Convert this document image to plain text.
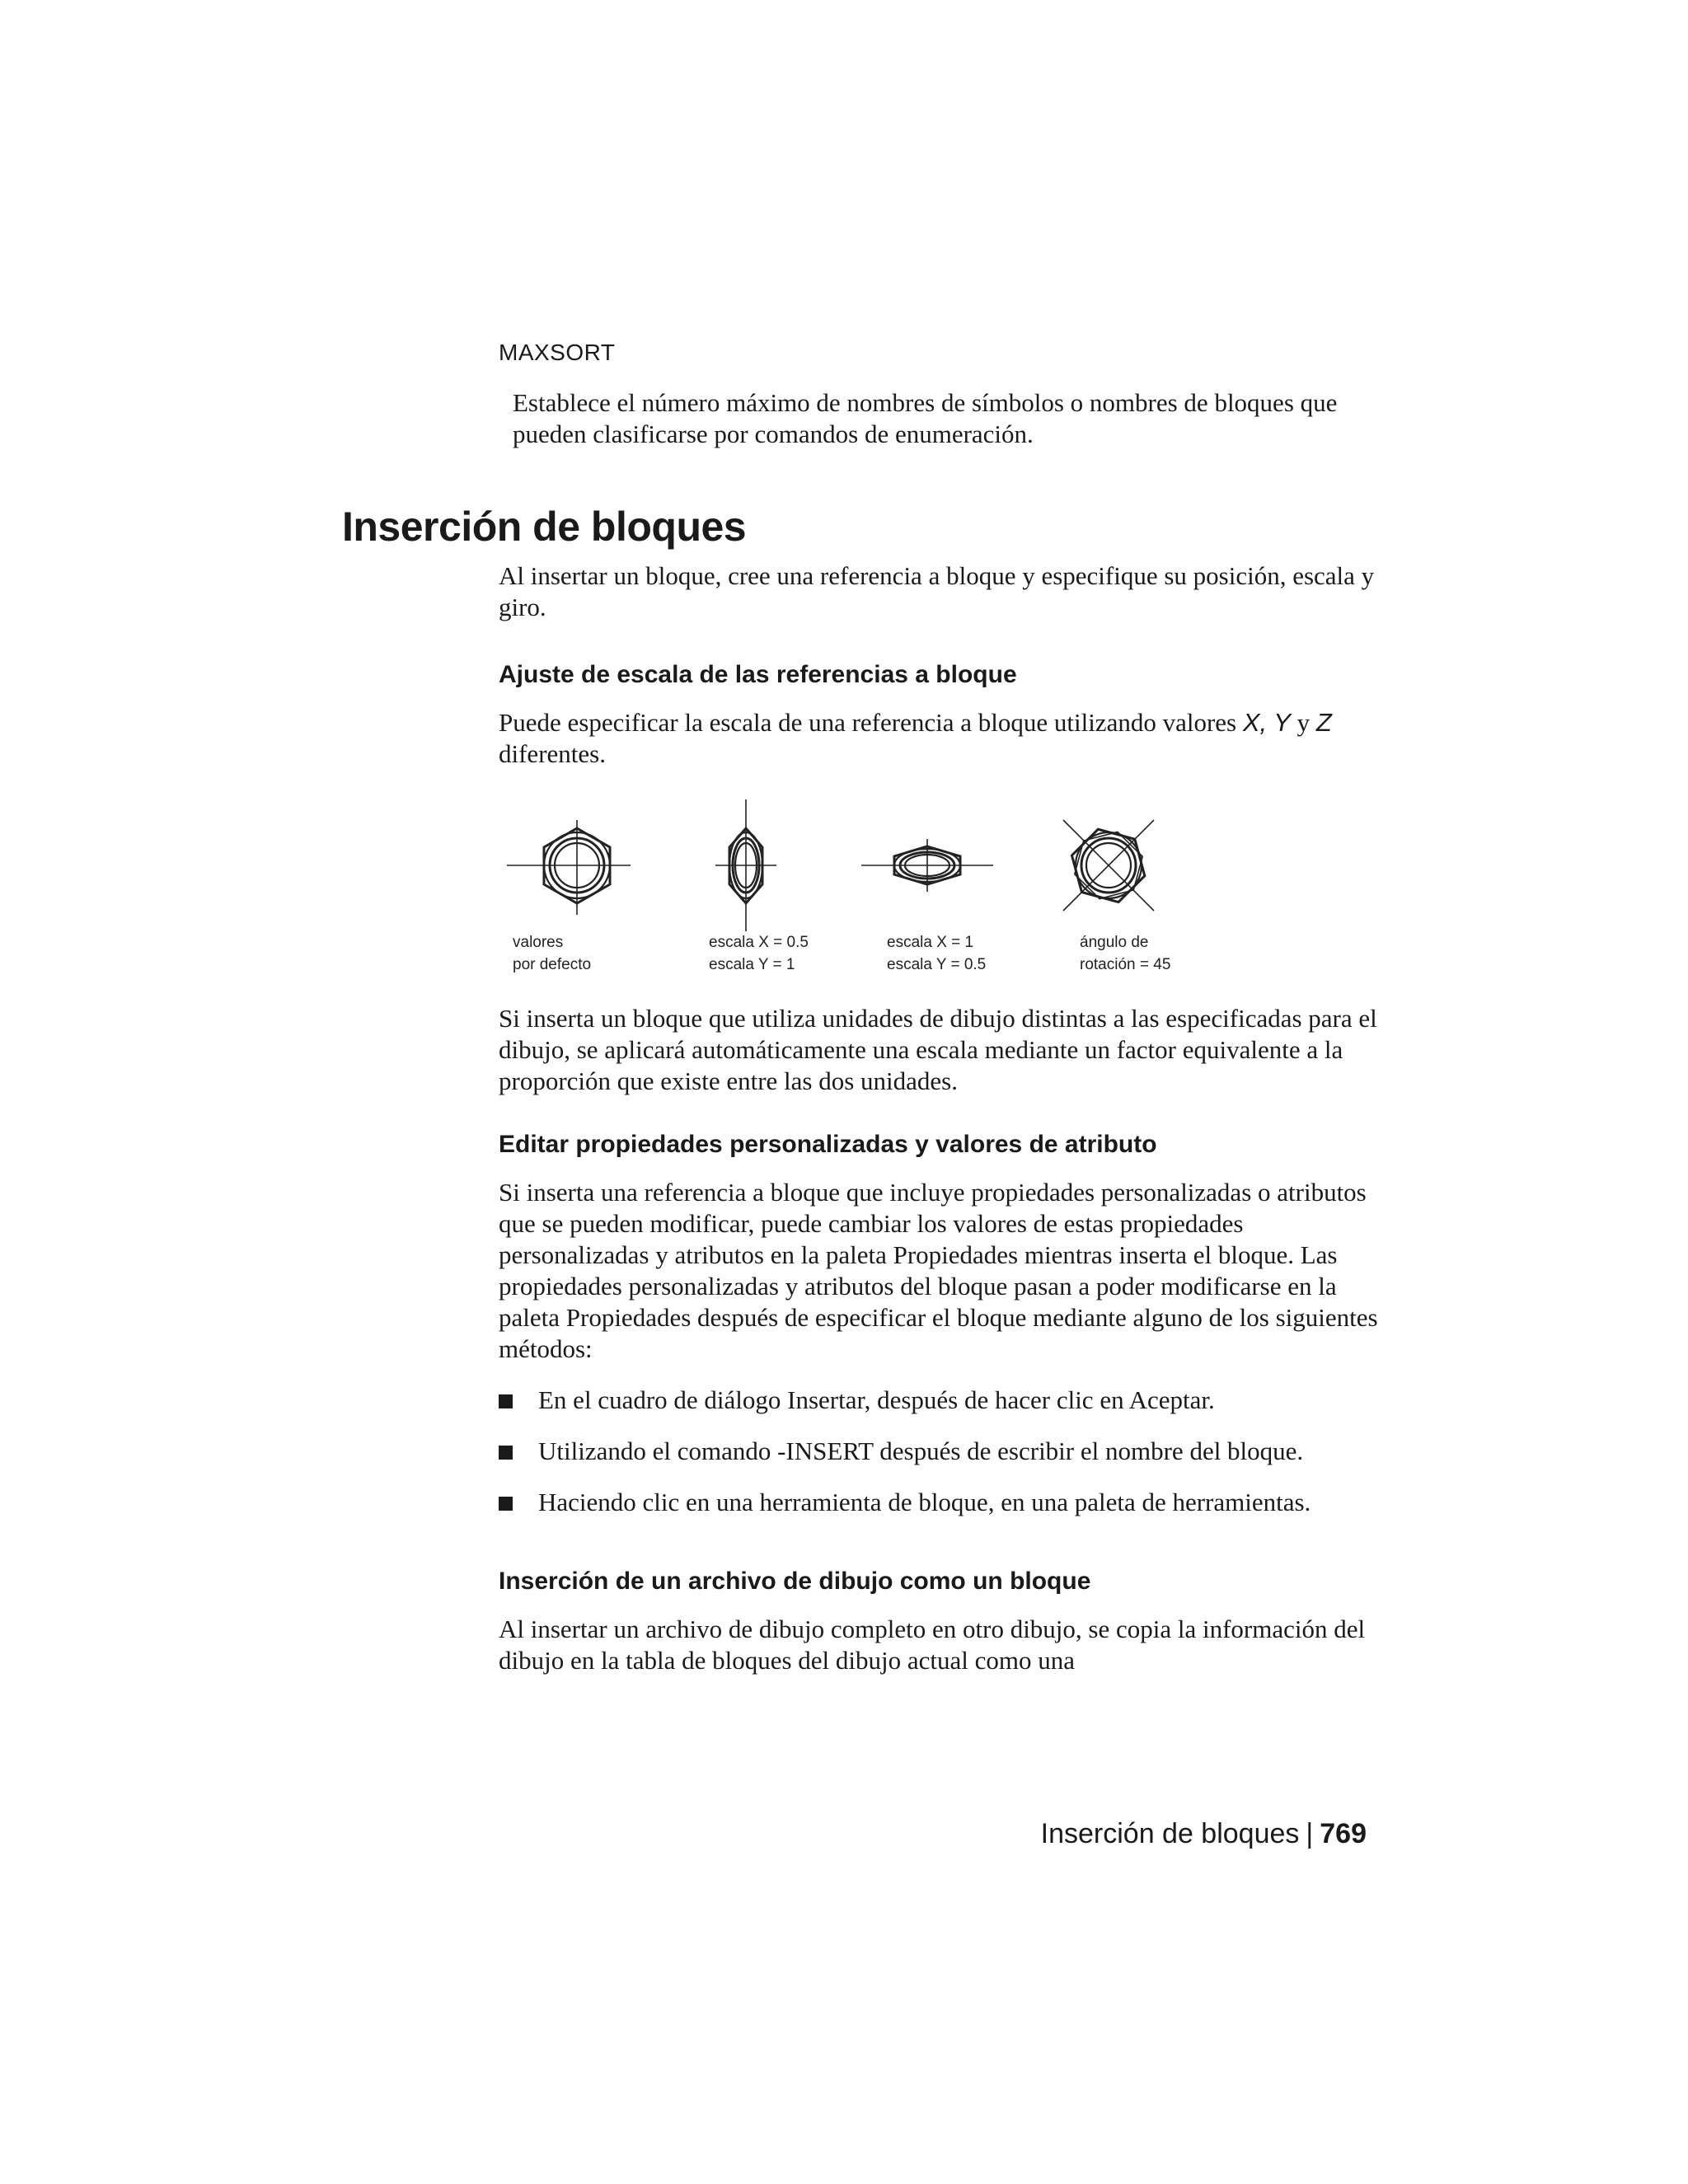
MAXSORT

Establece el número máximo de nombres de símbolos o nombres de bloques que pueden clasificarse por comandos de enumeración.

Inserción de bloques

Al insertar un bloque, cree una referencia a bloque y especifique su posición, escala y giro.

Ajuste de escala de las referencias a bloque

Puede especificar la escala de una referencia a bloque utilizando valores X, Y y Z diferentes.

valores
por defecto
escala X = 0.5
escala Y = 1
escala X = 1
escala Y = 0.5
ángulo de
rotación = 45

Si inserta un bloque que utiliza unidades de dibujo distintas a las especificadas para el dibujo, se aplicará automáticamente una escala mediante un factor equivalente a la proporción que existe entre las dos unidades.

Editar propiedades personalizadas y valores de atributo

Si inserta una referencia a bloque que incluye propiedades personalizadas o atributos que se pueden modificar, puede cambiar los valores de estas propiedades personalizadas y atributos en la paleta Propiedades mientras inserta el bloque. Las propiedades personalizadas y atributos del bloque pasan a poder modificarse en la paleta Propiedades después de especificar el bloque mediante alguno de los siguientes métodos:

En el cuadro de diálogo Insertar, después de hacer clic en Aceptar.
Utilizando el comando -INSERT después de escribir el nombre del bloque.
Haciendo clic en una herramienta de bloque, en una paleta de herramientas.
Inserción de un archivo de dibujo como un bloque

Al insertar un archivo de dibujo completo en otro dibujo, se copia la información del dibujo en la tabla de bloques del dibujo actual como una

Inserción de bloques | 769
